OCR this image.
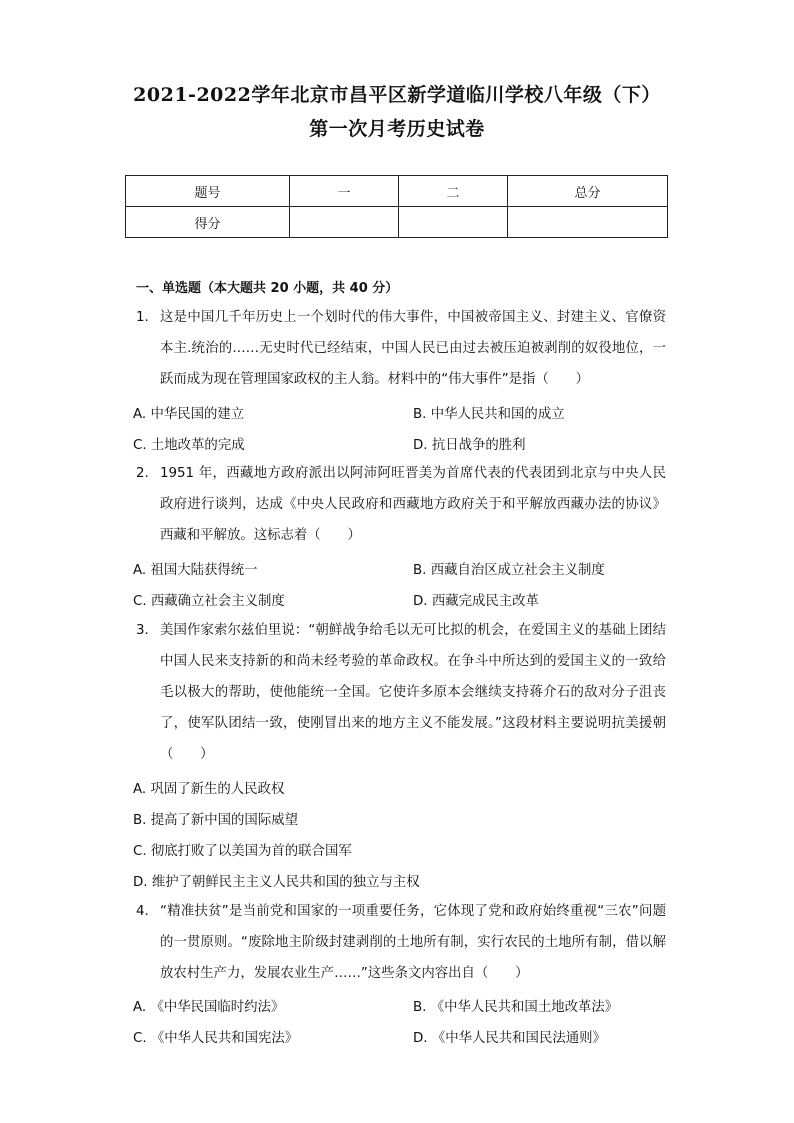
2021-2022学年北京市昌平区新学道临川学校八年级（下）
第一次月考历史试卷
题号	一	二	总分
得分			
一、单选题（本大题共 20 小题，共 40 分）
1. 这是中国几千年历史上一个划时代的伟大事件，中国被帝国主义、封建主义、官僚资本主.统治的……无史时代已经结束，中国人民已由过去被压迫被剥削的奴役地位，一跃而成为现在管理国家政权的主人翁。材料中的“伟大事件”是指（　　）
A. 中华民国的建立	B. 中华人民共和国的成立
C. 土地改革的完成	D. 抗日战争的胜利
2. 1951 年，西藏地方政府派出以阿沛阿旺晋美为首席代表的代表团到北京与中央人民政府进行谈判，达成《中央人民政府和西藏地方政府关于和平解放西藏办法的协议》西藏和平解放。这标志着（　　）
A. 祖国大陆获得统一	B. 西藏自治区成立社会主义制度
C. 西藏确立社会主义制度	D. 西藏完成民主改革
3. 美国作家索尔兹伯里说：“朝鲜战争给毛以无可比拟的机会，在爱国主义的基础上团结中国人民来支持新的和尚未经考验的革命政权。在争斗中所达到的爱国主义的一致给毛以极大的帮助，使他能统一全国。它使许多原本会继续支持蒋介石的敌对分子沮丧了，使军队团结一致，使刚冒出来的地方主义不能发展。”这段材料主要说明抗美援朝（　　）
A. 巩固了新生的人民政权
B. 提高了新中国的国际威望
C. 彻底打败了以美国为首的联合国军
D. 维护了朝鲜民主主义人民共和国的独立与主权
4. “精准扶贫”是当前党和国家的一项重要任务，它体现了党和政府始终重视“三农”问题的一贯原则。“废除地主阶级封建剥削的土地所有制，实行农民的土地所有制，借以解放农村生产力，发展农业生产……”这些条文内容出自（　　）
A. 《中华民国临时约法》	B. 《中华人民共和国土地改革法》
C. 《中华人民共和国宪法》	D. 《中华人民共和国民法通则》
